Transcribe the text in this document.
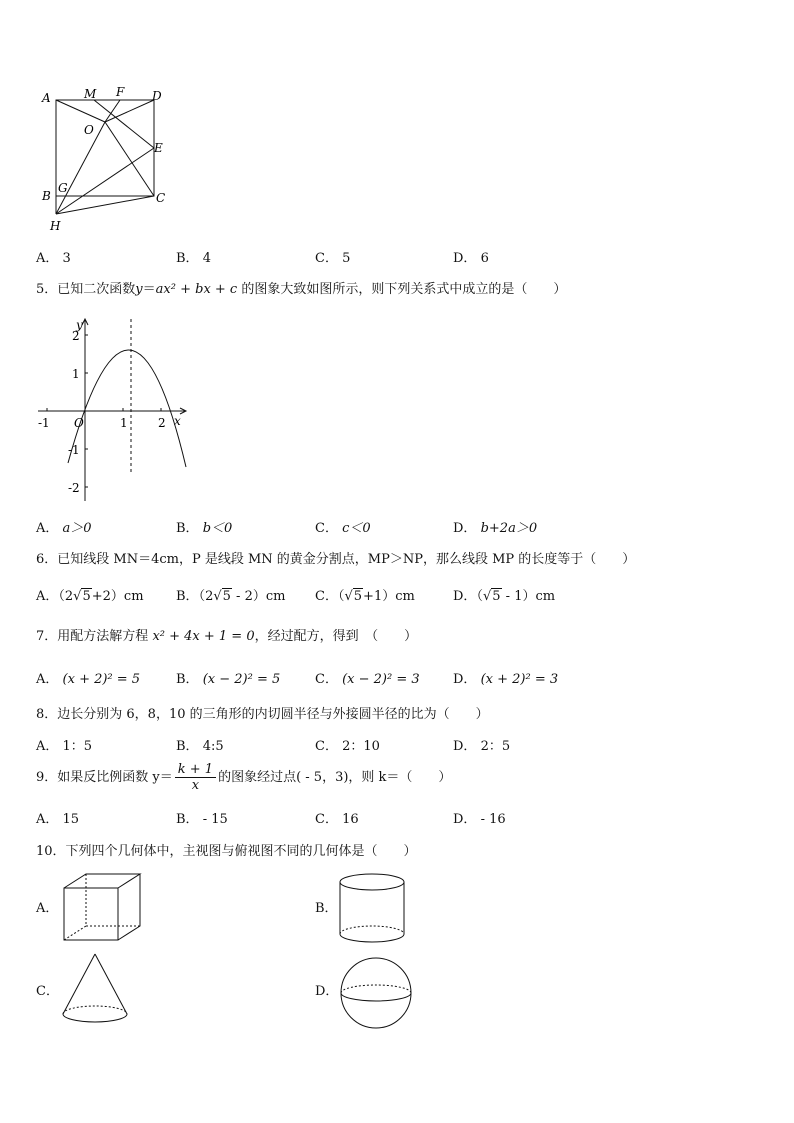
A	M F D
O
E
B
G
C
H
A． 3	B． 4	C． 5	D． 6
5．已知二次函数y＝ax² + bx + c 的图象大致如图所示，则下列关系式中成立的是（　　）
y
x
O
-1	1	2
2
1
-1
-2
A． a＞0	B． b＜0	C． c＜0	D． b+2a＞0
6．已知线段 MN＝4cm，P 是线段 MN 的黄金分割点，MP＞NP，那么线段 MP 的长度等于（　　）
A．（2√5+2）cm B．（2√5 - 2）cm C．（√5+1）cm	D．（√5 - 1）cm
7．用配方法解方程 x² + 4x + 1 = 0，经过配方，得到　（　　）
A． (x + 2)² = 5	B． (x − 2)² = 5	C． (x − 2)² = 3	D． (x + 2)² = 3
8．边长分别为 6，8，10 的三角形的内切圆半径与外接圆半径的比为（　　）
A． 1：5	B． 4:5	C． 2：10	D． 2：5
9．如果反比例函数 $y= \frac{k + 1}{x}$ 的图象经过点( - 5，3)，则 k＝（　　）
A． 15	B． - 15	C． 16	D． - 16
10．下列四个几何体中，主视图与俯视图不同的几何体是（　　）
A．	B．
C．	D．
